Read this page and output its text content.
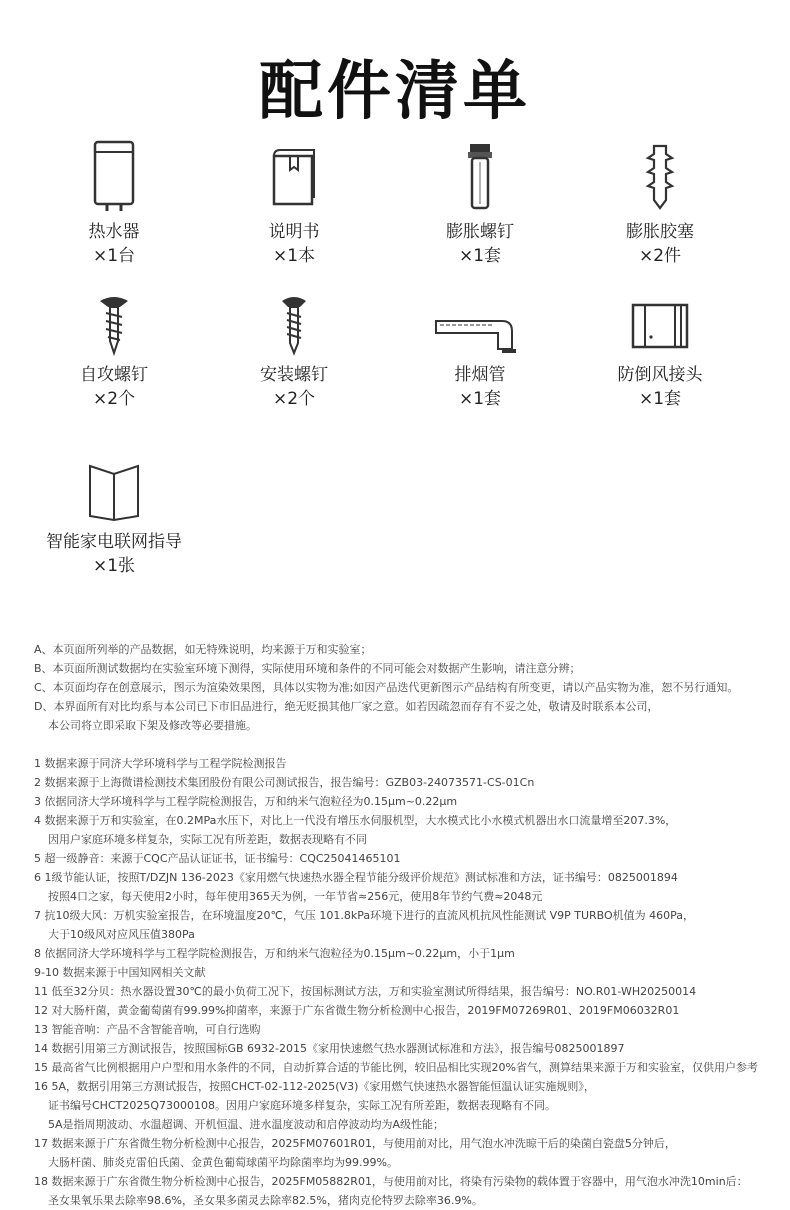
配件清单
热水器
×1台
说明书
×1本
膨胀螺钉
×1套
膨胀胶塞
×2件
自攻螺钉
×2个
安装螺钉
×2个
排烟管
×1套
防倒风接头
×1套
智能家电联网指导
×1张
A、本页面所列举的产品数据，如无特殊说明，均来源于万和实验室；
B、本页面所测试数据均在实验室环境下测得，实际使用环境和条件的不同可能会对数据产生影响，请注意分辨；
C、本页面均存在创意展示，图示为渲染效果图，具体以实物为准;如因产品迭代更新图示产品结构有所变更，请以产品实物为准，恕不另行通知。
D、本界面所有对比均系与本公司已下市旧品进行，绝无贬损其他厂家之意。如若因疏忽而存有不妥之处，敬请及时联系本公司，
本公司将立即采取下架及修改等必要措施。
1 数据来源于同济大学环境科学与工程学院检测报告
2 数据来源于上海微谱检测技术集团股份有限公司测试报告，报告编号：GZB03-24073571-CS-01Cn
3 依据同济大学环境科学与工程学院检测报告，万和纳米气泡粒径为0.15μm~0.22μm
4 数据来源于万和实验室，在0.2MPa水压下，对比上一代没有增压水伺服机型，大水模式比小水模式机器出水口流量增至207.3%，
因用户家庭环境多样复杂，实际工况有所差距，数据表现略有不同
5 超一级静音：来源于CQC产品认证证书，证书编号：CQC25041465101
6 1级节能认证，按照T/DZJN 136-2023《家用燃气快速热水器全程节能分级评价规范》测试标准和方法，证书编号：0825001894
按照4口之家，每天使用2小时，每年使用365天为例，一年节省≈256元，使用8年节约气费≈2048元
7 抗10级大风：万机实验室报告，在环境温度20℃，气压 101.8kPa环境下进行的直流风机抗风性能测试 V9P TURBO机值为 460Pa，
大于10级风对应风压值380Pa
8 依据同济大学环境科学与工程学院检测报告，万和纳米气泡粒径为0.15μm~0.22μm，小于1μm
9-10 数据来源于中国知网相关文献
11 低至32分贝：热水器设置30℃的最小负荷工况下，按国标测试方法，万和实验室测试所得结果，报告编号：NO.R01-WH20250014
12 对大肠杆菌，黄金葡萄菌有99.99%抑菌率，来源于广东省微生物分析检测中心报告，2019FM07269R01、2019FM06032R01
13 智能音响：产品不含智能音响，可自行选购
14 数据引用第三方测试报告，按照国标GB 6932-2015《家用快速燃气热水器测试标准和方法》，报告编号0825001897
15 最高省气比例根据用户户型和用水条件的不同，自动折算合适的节能比例，较旧品相比实现20%省气，测算结果来源于万和实验室，仅供用户参考
16 5A，数据引用第三方测试报告，按照CHCT-02-112-2025(V3)《家用燃气快速热水器智能恒温认证实施规则》，
证书编号CHCT2025Q73000108。因用户家庭环境多样复杂，实际工况有所差距，数据表现略有不同。
5A是指周期波动、水温超调、开机恒温、进水温度波动和启停波动均为A级性能；
17 数据来源于广东省微生物分析检测中心报告，2025FM07601R01，与使用前对比，用气泡水冲洗晾干后的染菌白瓷盘5分钟后，
大肠杆菌、肺炎克雷伯氏菌、金黄色葡萄球菌平均除菌率均为99.99%。
18 数据来源于广东省微生物分析检测中心报告，2025FM05882R01，与使用前对比，将染有污染物的载体置于容器中，用气泡水冲洗10min后：
圣女果氧乐果去除率98.6%，圣女果多菌灵去除率82.5%，猪肉克伦特罗去除率36.9%。
